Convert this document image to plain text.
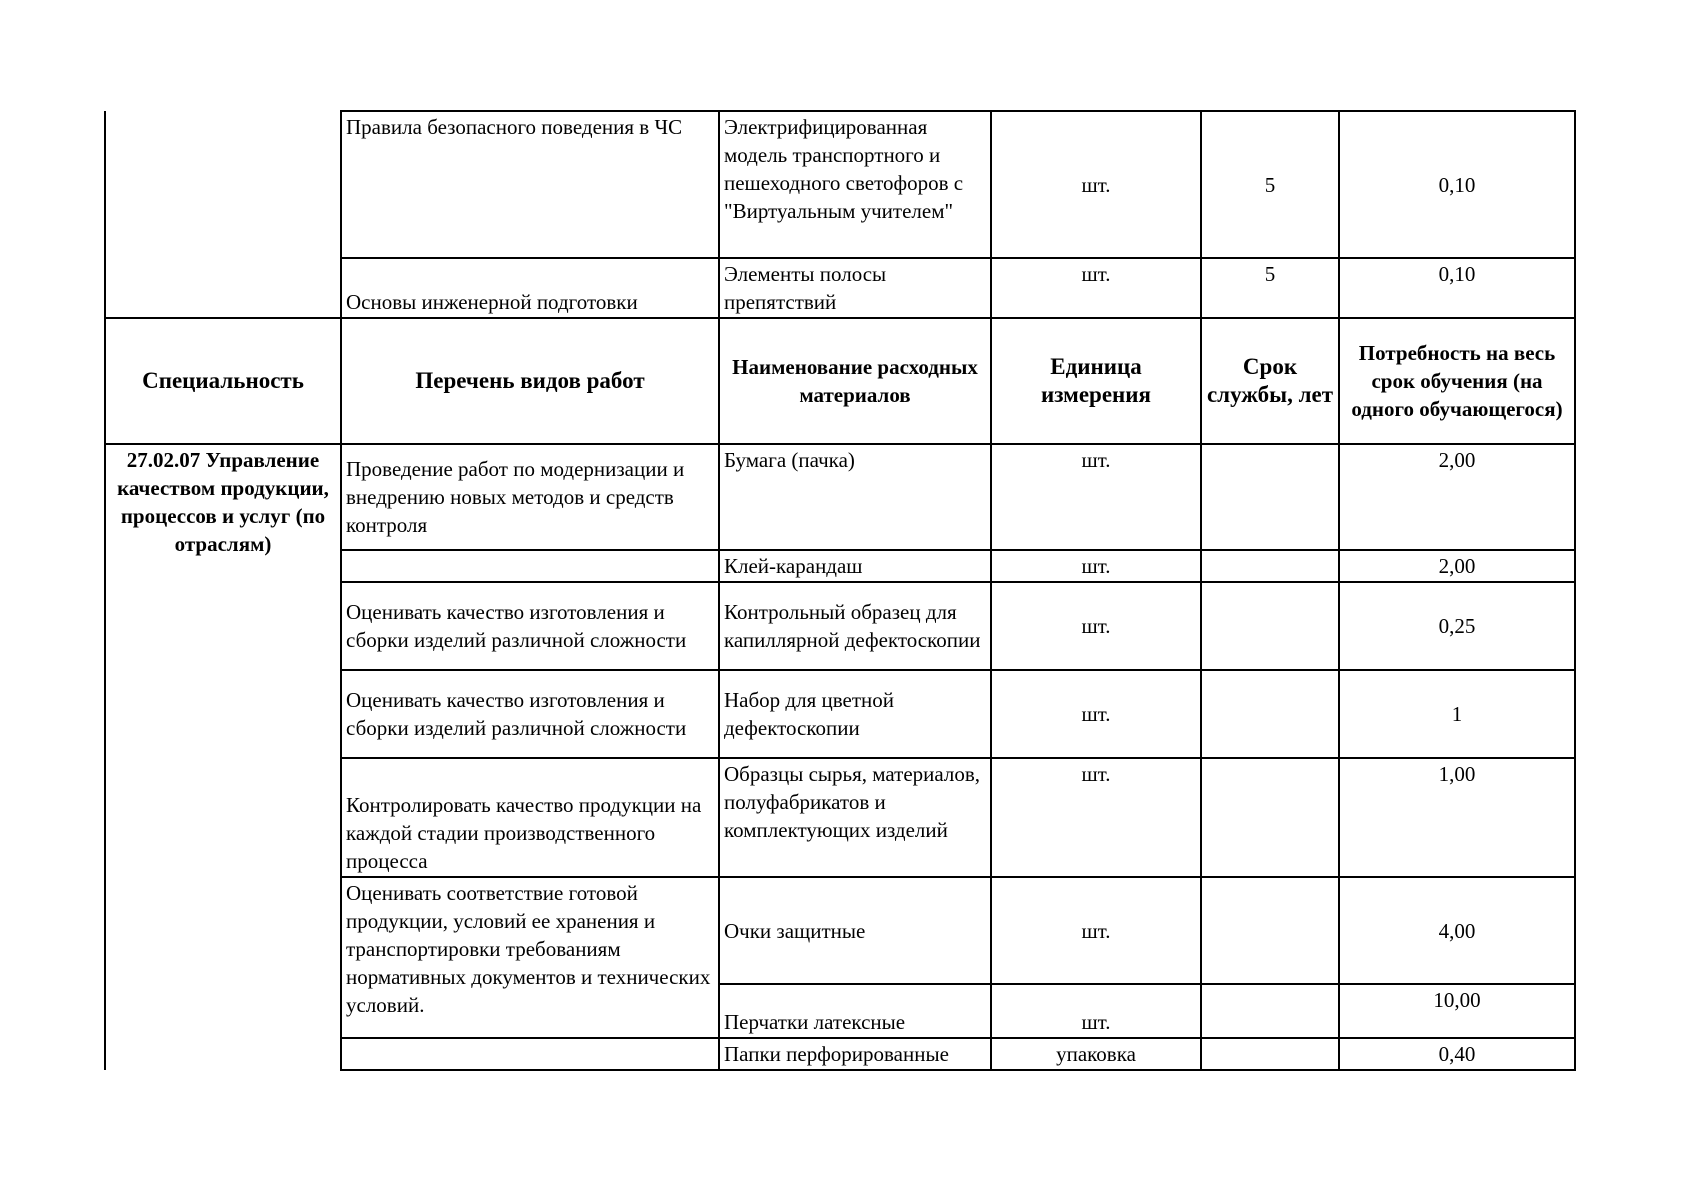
	Правила безопасного поведения в ЧС	Электрифицированная модель транспортного и пешеходного светофоров с "Виртуальным учителем"	шт.	5	0,10
	Основы инженерной подготовки	Элементы полосы препятствий	шт.	5	0,10
Специальность	Перечень видов работ	Наименование расходных материалов	Единица измерения	Срок службы, лет	Потребность на весь срок обучения (на одного обучающегося)
27.02.07 Управление качеством продукции, процессов и услуг (по отраслям)	Проведение работ по модернизации и внедрению новых методов и средств контроля	Бумага (пачка)	шт.		2,00
		Клей-карандаш	шт.		2,00
	Оценивать качество изготовления и сборки изделий различной сложности	Контрольный образец для капиллярной дефектоскопии	шт.		0,25
	Оценивать качество изготовления и сборки изделий различной сложности	Набор для цветной дефектоскопии	шт.		1
	Контролировать качество продукции на каждой стадии производственного процесса	Образцы сырья, материалов, полуфабрикатов и комплектующих изделий	шт.		1,00
	Оценивать соответствие готовой продукции, условий ее хранения и транспортировки требованиям нормативных документов и технических условий.	Очки защитные	шт.		4,00
		Перчатки латексные	шт.		10,00
		Папки перфорированные	упаковка		0,40
